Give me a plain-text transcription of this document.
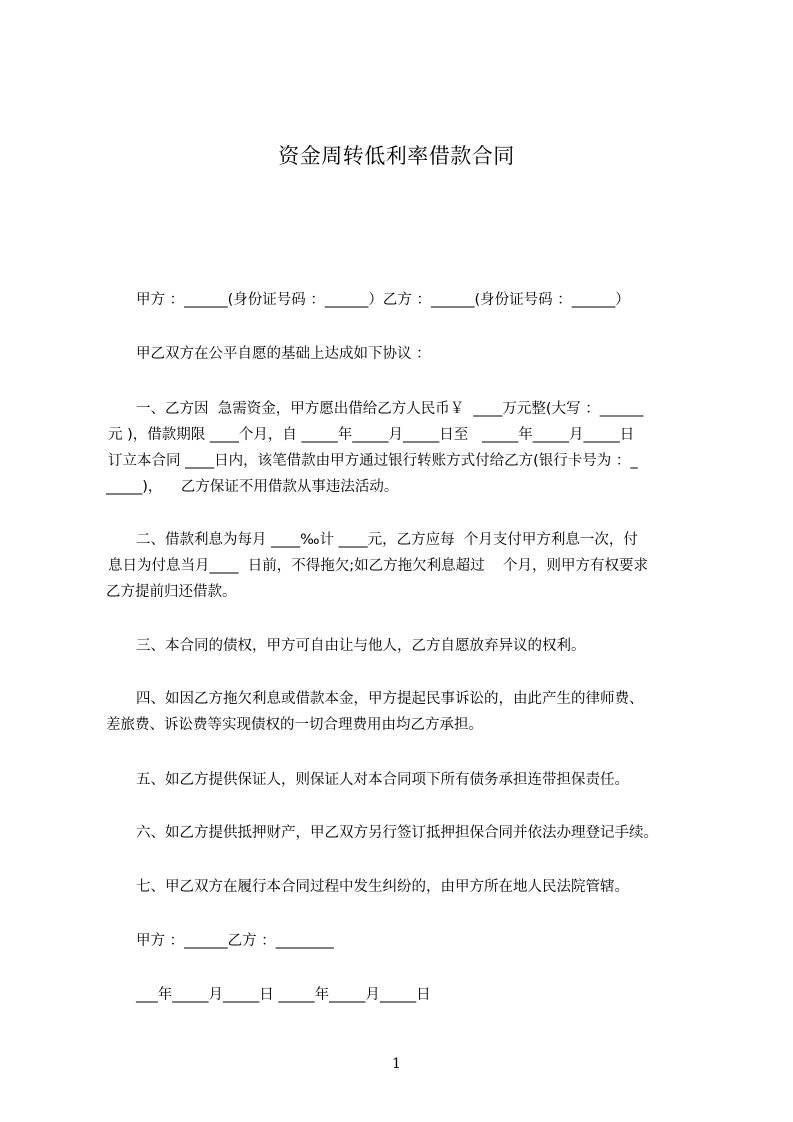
资金周转低利率借款合同
甲方 ：______(身份证号码 ：______）乙方 ：______(身份证号码 ：______）
甲乙双方在公平自愿的基础上达成如下协议 ：
一、乙方因  急需资金，甲方愿出借给乙方人民币￥  ____万元整(大写 ：______
元 )，借款期限 ____个月，自 _____年_____月_____日至   _____年_____月_____日
订立本合同 ____日内，该笔借款由甲方通过银行转账方式付给乙方(银行卡号为 ：_
_____)，    乙方保证不用借款从事违法活动。
二、借款利息为每月 ____‰计 ____元，乙方应每  个月支付甲方利息一次，付
息日为付息当月____  日前，不得拖欠;如乙方拖欠利息超过    个月，则甲方有权要求
乙方提前归还借款。
三、本合同的债权，甲方可自由让与他人，乙方自愿放弃异议的权利。
四、如因乙方拖欠利息或借款本金，甲方提起民事诉讼的，由此产生的律师费、
差旅费、诉讼费等实现债权的一切合理费用由均乙方承担。
五、如乙方提供保证人，则保证人对本合同项下所有债务承担连带担保责任。
六、如乙方提供抵押财产，甲乙双方另行签订抵押担保合同并依法办理登记手续。
七、甲乙双方在履行本合同过程中发生纠纷的，由甲方所在地人民法院管辖。
甲方 ：______乙方 ：________
___年_____月_____日 _____年_____月_____日
1
